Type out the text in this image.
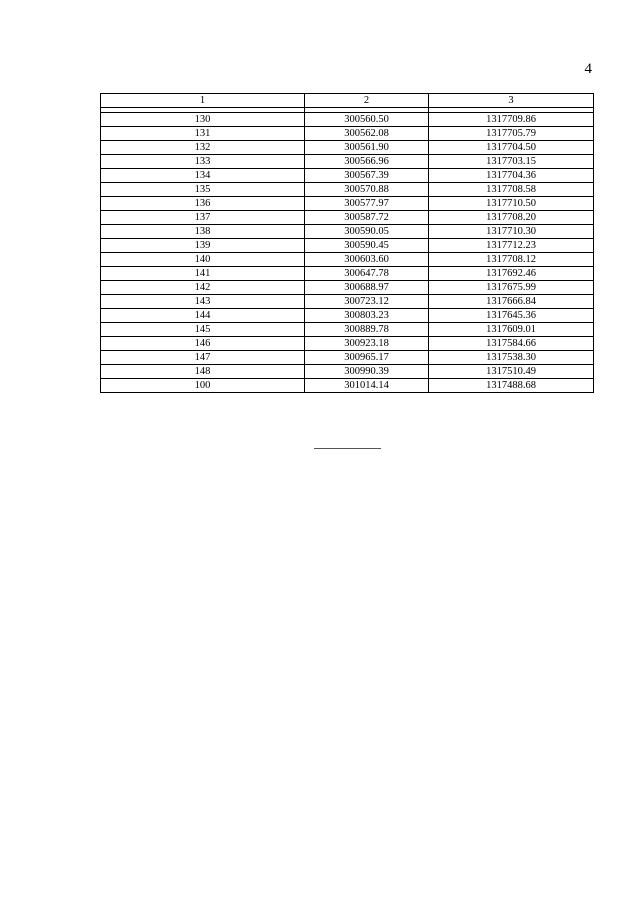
4
1	2	3

130	300560.50	1317709.86
131	300562.08	1317705.79
132	300561.90	1317704.50
133	300566.96	1317703.15
134	300567.39	1317704.36
135	300570.88	1317708.58
136	300577.97	1317710.50
137	300587.72	1317708.20
138	300590.05	1317710.30
139	300590.45	1317712.23
140	300603.60	1317708.12
141	300647.78	1317692.46
142	300688.97	1317675.99
143	300723.12	1317666.84
144	300803.23	1317645.36
145	300889.78	1317609.01
146	300923.18	1317584.66
147	300965.17	1317538.30
148	300990.39	1317510.49
100	301014.14	1317488.68
